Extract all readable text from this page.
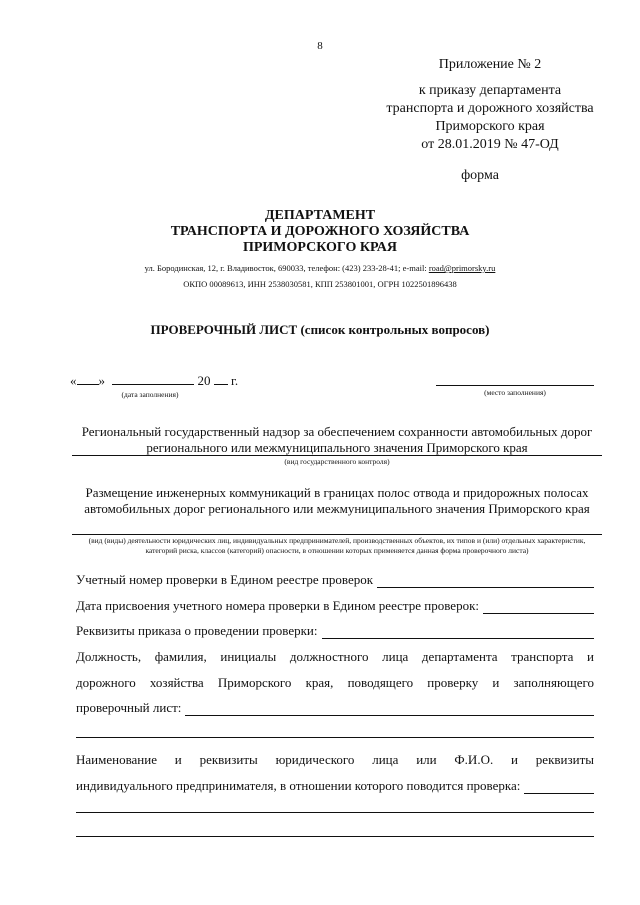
8
Приложение № 2
к приказу департамента
транспорта и дорожного хозяйства
Приморского края
от 28.01.2019 № 47-ОД
форма
ДЕПАРТАМЕНТ
ТРАНСПОРТА И ДОРОЖНОГО ХОЗЯЙСТВА
ПРИМОРСКОГО КРАЯ
ул. Бородинская, 12, г. Владивосток, 690033, телефон: (423) 233-28-41; e-mail: road@primorsky.ru
ОКПО 00089613, ИНН 2538030581, КПП 253801001, ОГРН 1022501896438
ПРОВЕРОЧНЫЙ ЛИСТ (список контрольных вопросов)
« »	20 г.
(дата заполнения)	(место заполнения)
Региональный государственный надзор за обеспечением сохранности автомобильных дорог регионального или межмуниципального значения Приморского края
(вид государственного контроля)
Размещение инженерных коммуникаций в границах полос отвода и придорожных полосах автомобильных дорог регионального или межмуниципального значения Приморского края
(вид (виды) деятельности юридических лиц, индивидуальных предпринимателей, производственных объектов, их типов и (или) отдельных характеристик, категорий риска, классов (категорий) опасности, в отношении которых применяется данная форма проверочного листа)
Учетный номер проверки в Едином реестре проверок
Дата присвоения учетного номера проверки в Едином реестре проверок:
Реквизиты приказа о проведении проверки:
Должность, фамилия, инициалы должностного лица департамента транспорта и
дорожного хозяйства Приморского края, поводящего проверку и заполняющего
проверочный лист:
Наименование и реквизиты юридического лица или Ф.И.О. и реквизиты
индивидуального предпринимателя, в отношении которого поводится проверка:
